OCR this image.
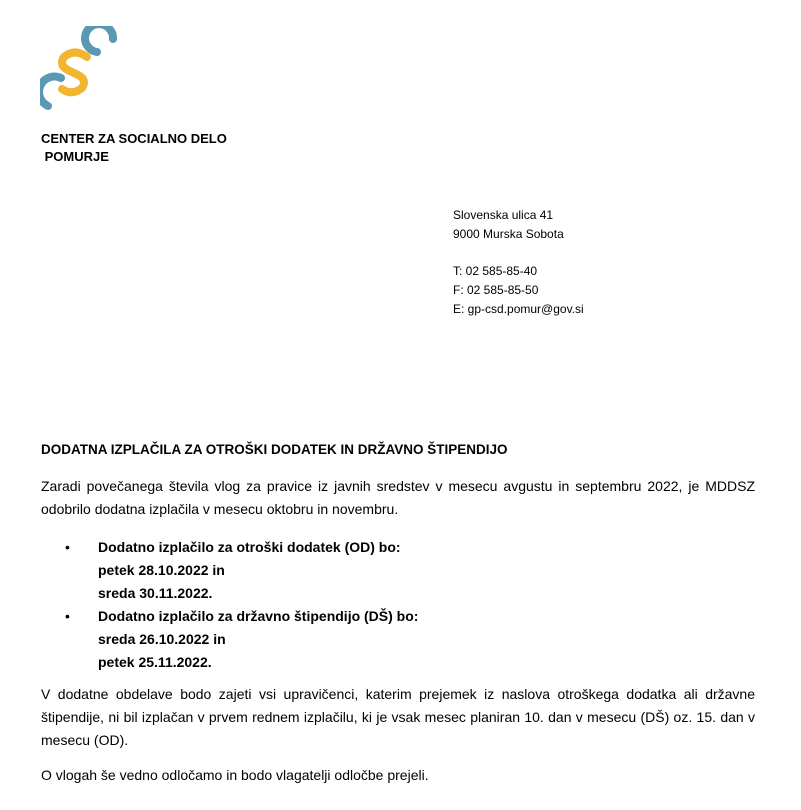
CENTER ZA SOCIALNO DELO
POMURJE
Slovenska ulica 41
9000 Murska Sobota
T: 02 585-85-40
F: 02 585-85-50
E: gp-csd.pomur@gov.si
DODATNA IZPLAČILA ZA OTROŠKI DODATEK IN DRŽAVNO ŠTIPENDIJO
Zaradi povečanega števila vlog za pravice iz javnih sredstev v mesecu avgustu in septembru 2022, je MDDSZ odobrilo dodatna izplačila v mesecu oktobru in novembru.
• Dodatno izplačilo za otroški dodatek (OD) bo:
petek 28.10.2022 in
sreda 30.11.2022.
• Dodatno izplačilo za državno štipendijo (DŠ) bo:
sreda 26.10.2022 in
petek 25.11.2022.
V dodatne obdelave bodo zajeti vsi upravičenci, katerim prejemek iz naslova otroškega dodatka ali državne štipendije, ni bil izplačan v prvem rednem izplačilu, ki je vsak mesec planiran 10. dan v mesecu (DŠ) oz. 15. dan v mesecu (OD).
O vlogah še vedno odločamo in bodo vlagatelji odločbe prejeli.
